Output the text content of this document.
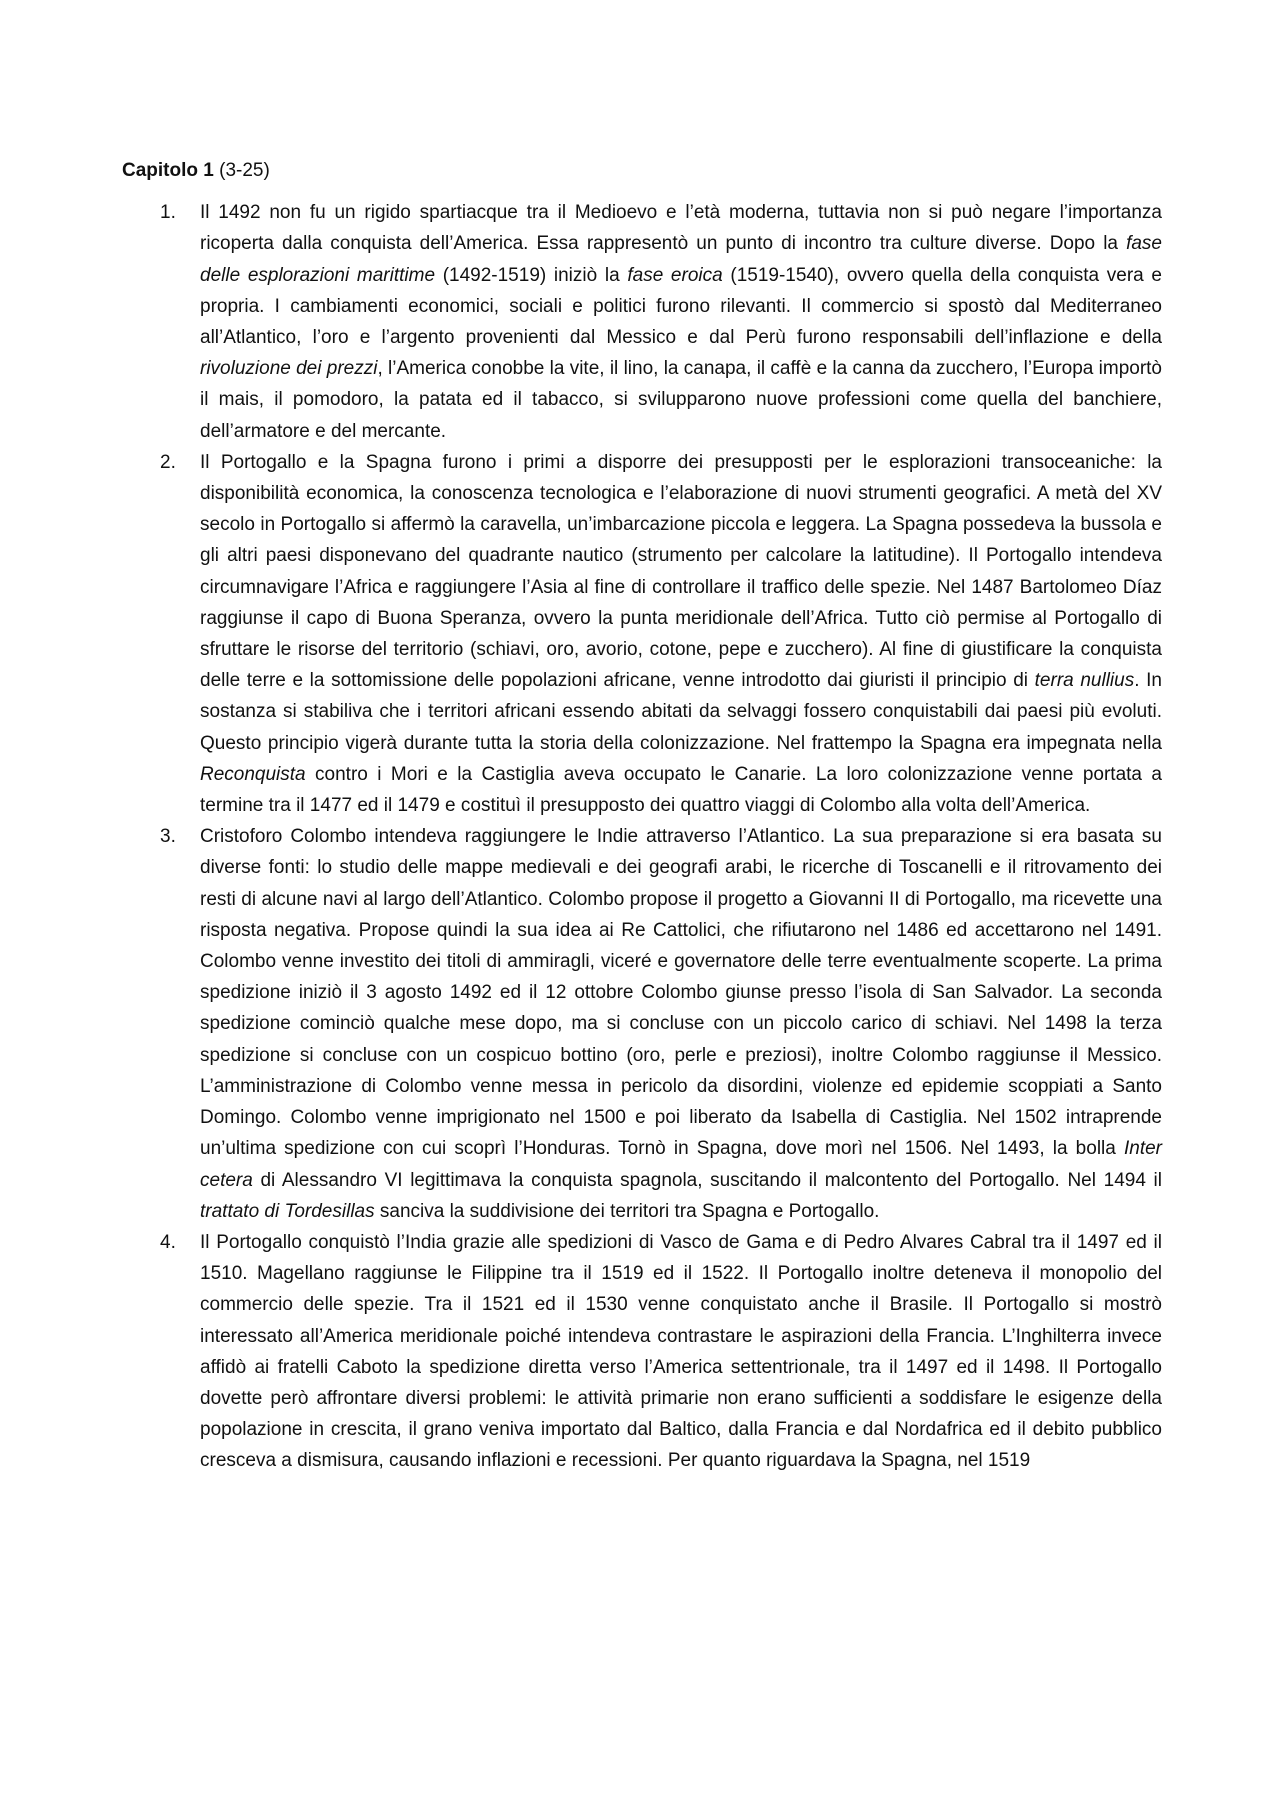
Capitolo 1 (3-25)

1. Il 1492 non fu un rigido spartiacque tra il Medioevo e l’età moderna, tuttavia non si può negare l’importanza ricoperta dalla conquista dell’America. Essa rappresentò un punto di incontro tra culture diverse. Dopo la fase delle esplorazioni marittime (1492-1519) iniziò la fase eroica (1519-1540), ovvero quella della conquista vera e propria. I cambiamenti economici, sociali e politici furono rilevanti. Il commercio si spostò dal Mediterraneo all’Atlantico, l’oro e l’argento provenienti dal Messico e dal Perù furono responsabili dell’inflazione e della rivoluzione dei prezzi, l’America conobbe la vite, il lino, la canapa, il caffè e la canna da zucchero, l’Europa importò il mais, il pomodoro, la patata ed il tabacco, si svilupparono nuove professioni come quella del banchiere, dell’armatore e del mercante.
2. Il Portogallo e la Spagna furono i primi a disporre dei presupposti per le esplorazioni transoceaniche: la disponibilità economica, la conoscenza tecnologica e l’elaborazione di nuovi strumenti geografici. A metà del XV secolo in Portogallo si affermò la caravella, un’imbarcazione piccola e leggera. La Spagna possedeva la bussola e gli altri paesi disponevano del quadrante nautico (strumento per calcolare la latitudine). Il Portogallo intendeva circumnavigare l’Africa e raggiungere l’Asia al fine di controllare il traffico delle spezie. Nel 1487 Bartolomeo Díaz raggiunse il capo di Buona Speranza, ovvero la punta meridionale dell’Africa. Tutto ciò permise al Portogallo di sfruttare le risorse del territorio (schiavi, oro, avorio, cotone, pepe e zucchero). Al fine di giustificare la conquista delle terre e la sottomissione delle popolazioni africane, venne introdotto dai giuristi il principio di terra nullius. In sostanza si stabiliva che i territori africani essendo abitati da selvaggi fossero conquistabili dai paesi più evoluti. Questo principio vigerà durante tutta la storia della colonizzazione. Nel frattempo la Spagna era impegnata nella Reconquista contro i Mori e la Castiglia aveva occupato le Canarie. La loro colonizzazione venne portata a termine tra il 1477 ed il 1479 e costituì il presupposto dei quattro viaggi di Colombo alla volta dell’America.
3. Cristoforo Colombo intendeva raggiungere le Indie attraverso l’Atlantico. La sua preparazione si era basata su diverse fonti: lo studio delle mappe medievali e dei geografi arabi, le ricerche di Toscanelli e il ritrovamento dei resti di alcune navi al largo dell’Atlantico. Colombo propose il progetto a Giovanni II di Portogallo, ma ricevette una risposta negativa. Propose quindi la sua idea ai Re Cattolici, che rifiutarono nel 1486 ed accettarono nel 1491. Colombo venne investito dei titoli di ammiragli, viceré e governatore delle terre eventualmente scoperte. La prima spedizione iniziò il 3 agosto 1492 ed il 12 ottobre Colombo giunse presso l’isola di San Salvador. La seconda spedizione cominciò qualche mese dopo, ma si concluse con un piccolo carico di schiavi. Nel 1498 la terza spedizione si concluse con un cospicuo bottino (oro, perle e preziosi), inoltre Colombo raggiunse il Messico. L’amministrazione di Colombo venne messa in pericolo da disordini, violenze ed epidemie scoppiati a Santo Domingo. Colombo venne imprigionato nel 1500 e poi liberato da Isabella di Castiglia. Nel 1502 intraprende un’ultima spedizione con cui scoprì l’Honduras. Tornò in Spagna, dove morì nel 1506. Nel 1493, la bolla Inter cetera di Alessandro VI legittimava la conquista spagnola, suscitando il malcontento del Portogallo. Nel 1494 il trattato di Tordesillas sanciva la suddivisione dei territori tra Spagna e Portogallo.
4. Il Portogallo conquistò l’India grazie alle spedizioni di Vasco de Gama e di Pedro Alvares Cabral tra il 1497 ed il 1510. Magellano raggiunse le Filippine tra il 1519 ed il 1522. Il Portogallo inoltre deteneva il monopolio del commercio delle spezie. Tra il 1521 ed il 1530 venne conquistato anche il Brasile. Il Portogallo si mostrò interessato all’America meridionale poiché intendeva contrastare le aspirazioni della Francia. L’Inghilterra invece affidò ai fratelli Caboto la spedizione diretta verso l’America settentrionale, tra il 1497 ed il 1498. Il Portogallo dovette però affrontare diversi problemi: le attività primarie non erano sufficienti a soddisfare le esigenze della popolazione in crescita, il grano veniva importato dal Baltico, dalla Francia e dal Nordafrica ed il debito pubblico cresceva a dismisura, causando inflazioni e recessioni. Per quanto riguardava la Spagna, nel 1519
